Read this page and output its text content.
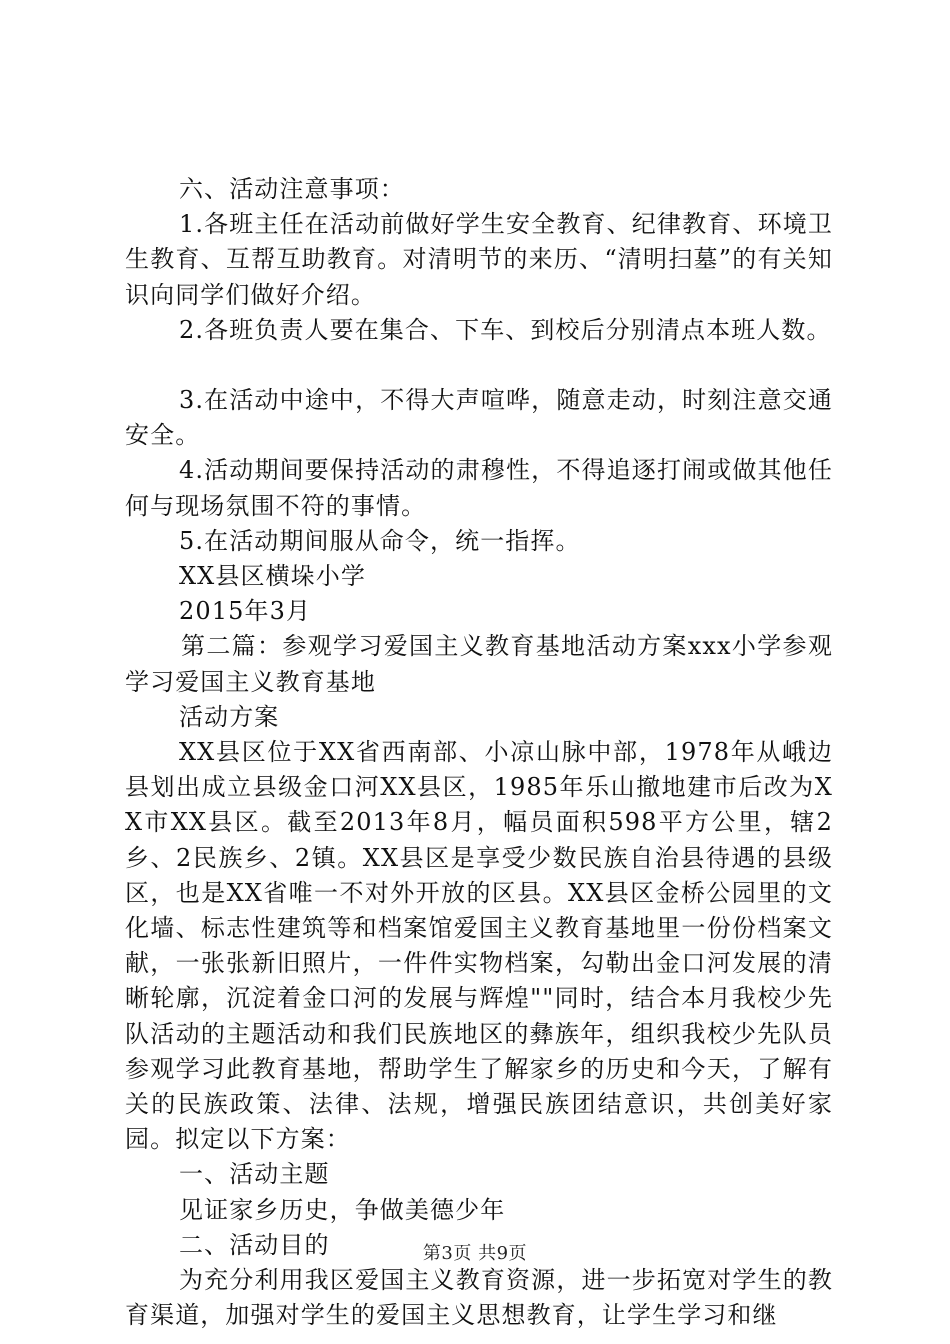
六、活动注意事项：

1.各班主任在活动前做好学生安全教育、纪律教育、环境卫生教育、互帮互助教育。对清明节的来历、“清明扫墓”的有关知识向同学们做好介绍。

2.各班负责人要在集合、下车、到校后分别清点本班人数。

3.在活动中途中，不得大声喧哗，随意走动，时刻注意交通安全。

4.活动期间要保持活动的肃穆性，不得追逐打闹或做其他任何与现场氛围不符的事情。

5.在活动期间服从命令，统一指挥。

XX县区横垛小学

2015年3月

第二篇：参观学习爱国主义教育基地活动方案xxx小学参观学习爱国主义教育基地

活动方案

XX县区位于XX省西南部、小凉山脉中部，1978年从峨边县划出成立县级金口河XX县区，1985年乐山撤地建市后改为XX市XX县区。截至2013年8月，幅员面积598平方公里，辖2乡、2民族乡、2镇。XX县区是享受少数民族自治县待遇的县级区，也是XX省唯一不对外开放的区县。XX县区金桥公园里的文化墙、标志性建筑等和档案馆爱国主义教育基地里一份份档案文献，一张张新旧照片，一件件实物档案，勾勒出金口河发展的清晰轮廓，沉淀着金口河的发展与辉煌""同时，结合本月我校少先队活动的主题活动和我们民族地区的彝族年，组织我校少先队员参观学习此教育基地，帮助学生了解家乡的历史和今天，了解有关的民族政策、法律、法规，增强民族团结意识，共创美好家园。拟定以下方案：

一、活动主题

见证家乡历史，争做美德少年

二、活动目的

为充分利用我区爱国主义教育资源，进一步拓宽对学生的教育渠道，加强对学生的爱国主义思想教育，让学生学习和继

第3页 共9页
